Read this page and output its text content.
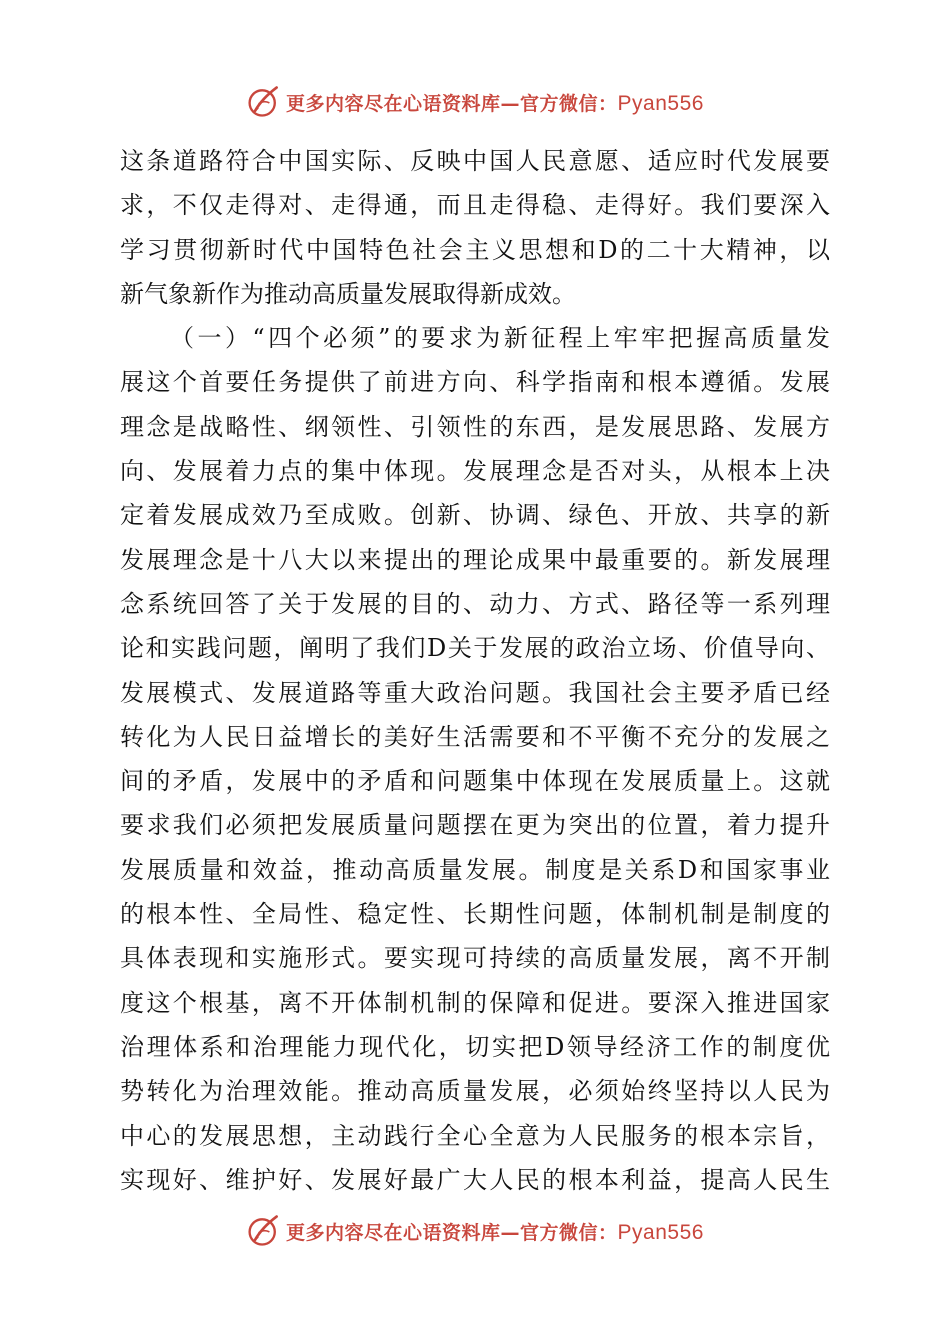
更多内容尽在心语资料库—官方微信：Pyan556
这条道路符合中国实际、反映中国人民意愿、适应时代发展要
求，不仅走得对、走得通，而且走得稳、走得好。我们要深入
学习贯彻新时代中国特色社会主义思想和D的二十大精神，以
新气象新作为推动高质量发展取得新成效。
（一）“四个必须”的要求为新征程上牢牢把握高质量发
展这个首要任务提供了前进方向、科学指南和根本遵循。发展
理念是战略性、纲领性、引领性的东西，是发展思路、发展方
向、发展着力点的集中体现。发展理念是否对头，从根本上决
定着发展成效乃至成败。创新、协调、绿色、开放、共享的新
发展理念是十八大以来提出的理论成果中最重要的。新发展理
念系统回答了关于发展的目的、动力、方式、路径等一系列理
论和实践问题，阐明了我们D关于发展的政治立场、价值导向、
发展模式、发展道路等重大政治问题。我国社会主要矛盾已经
转化为人民日益增长的美好生活需要和不平衡不充分的发展之
间的矛盾，发展中的矛盾和问题集中体现在发展质量上。这就
要求我们必须把发展质量问题摆在更为突出的位置，着力提升
发展质量和效益，推动高质量发展。制度是关系D和国家事业
的根本性、全局性、稳定性、长期性问题，体制机制是制度的
具体表现和实施形式。要实现可持续的高质量发展，离不开制
度这个根基，离不开体制机制的保障和促进。要深入推进国家
治理体系和治理能力现代化，切实把D领导经济工作的制度优
势转化为治理效能。推动高质量发展，必须始终坚持以人民为
中心的发展思想，主动践行全心全意为人民服务的根本宗旨，
实现好、维护好、发展好最广大人民的根本利益，提高人民生
更多内容尽在心语资料库—官方微信：Pyan556
